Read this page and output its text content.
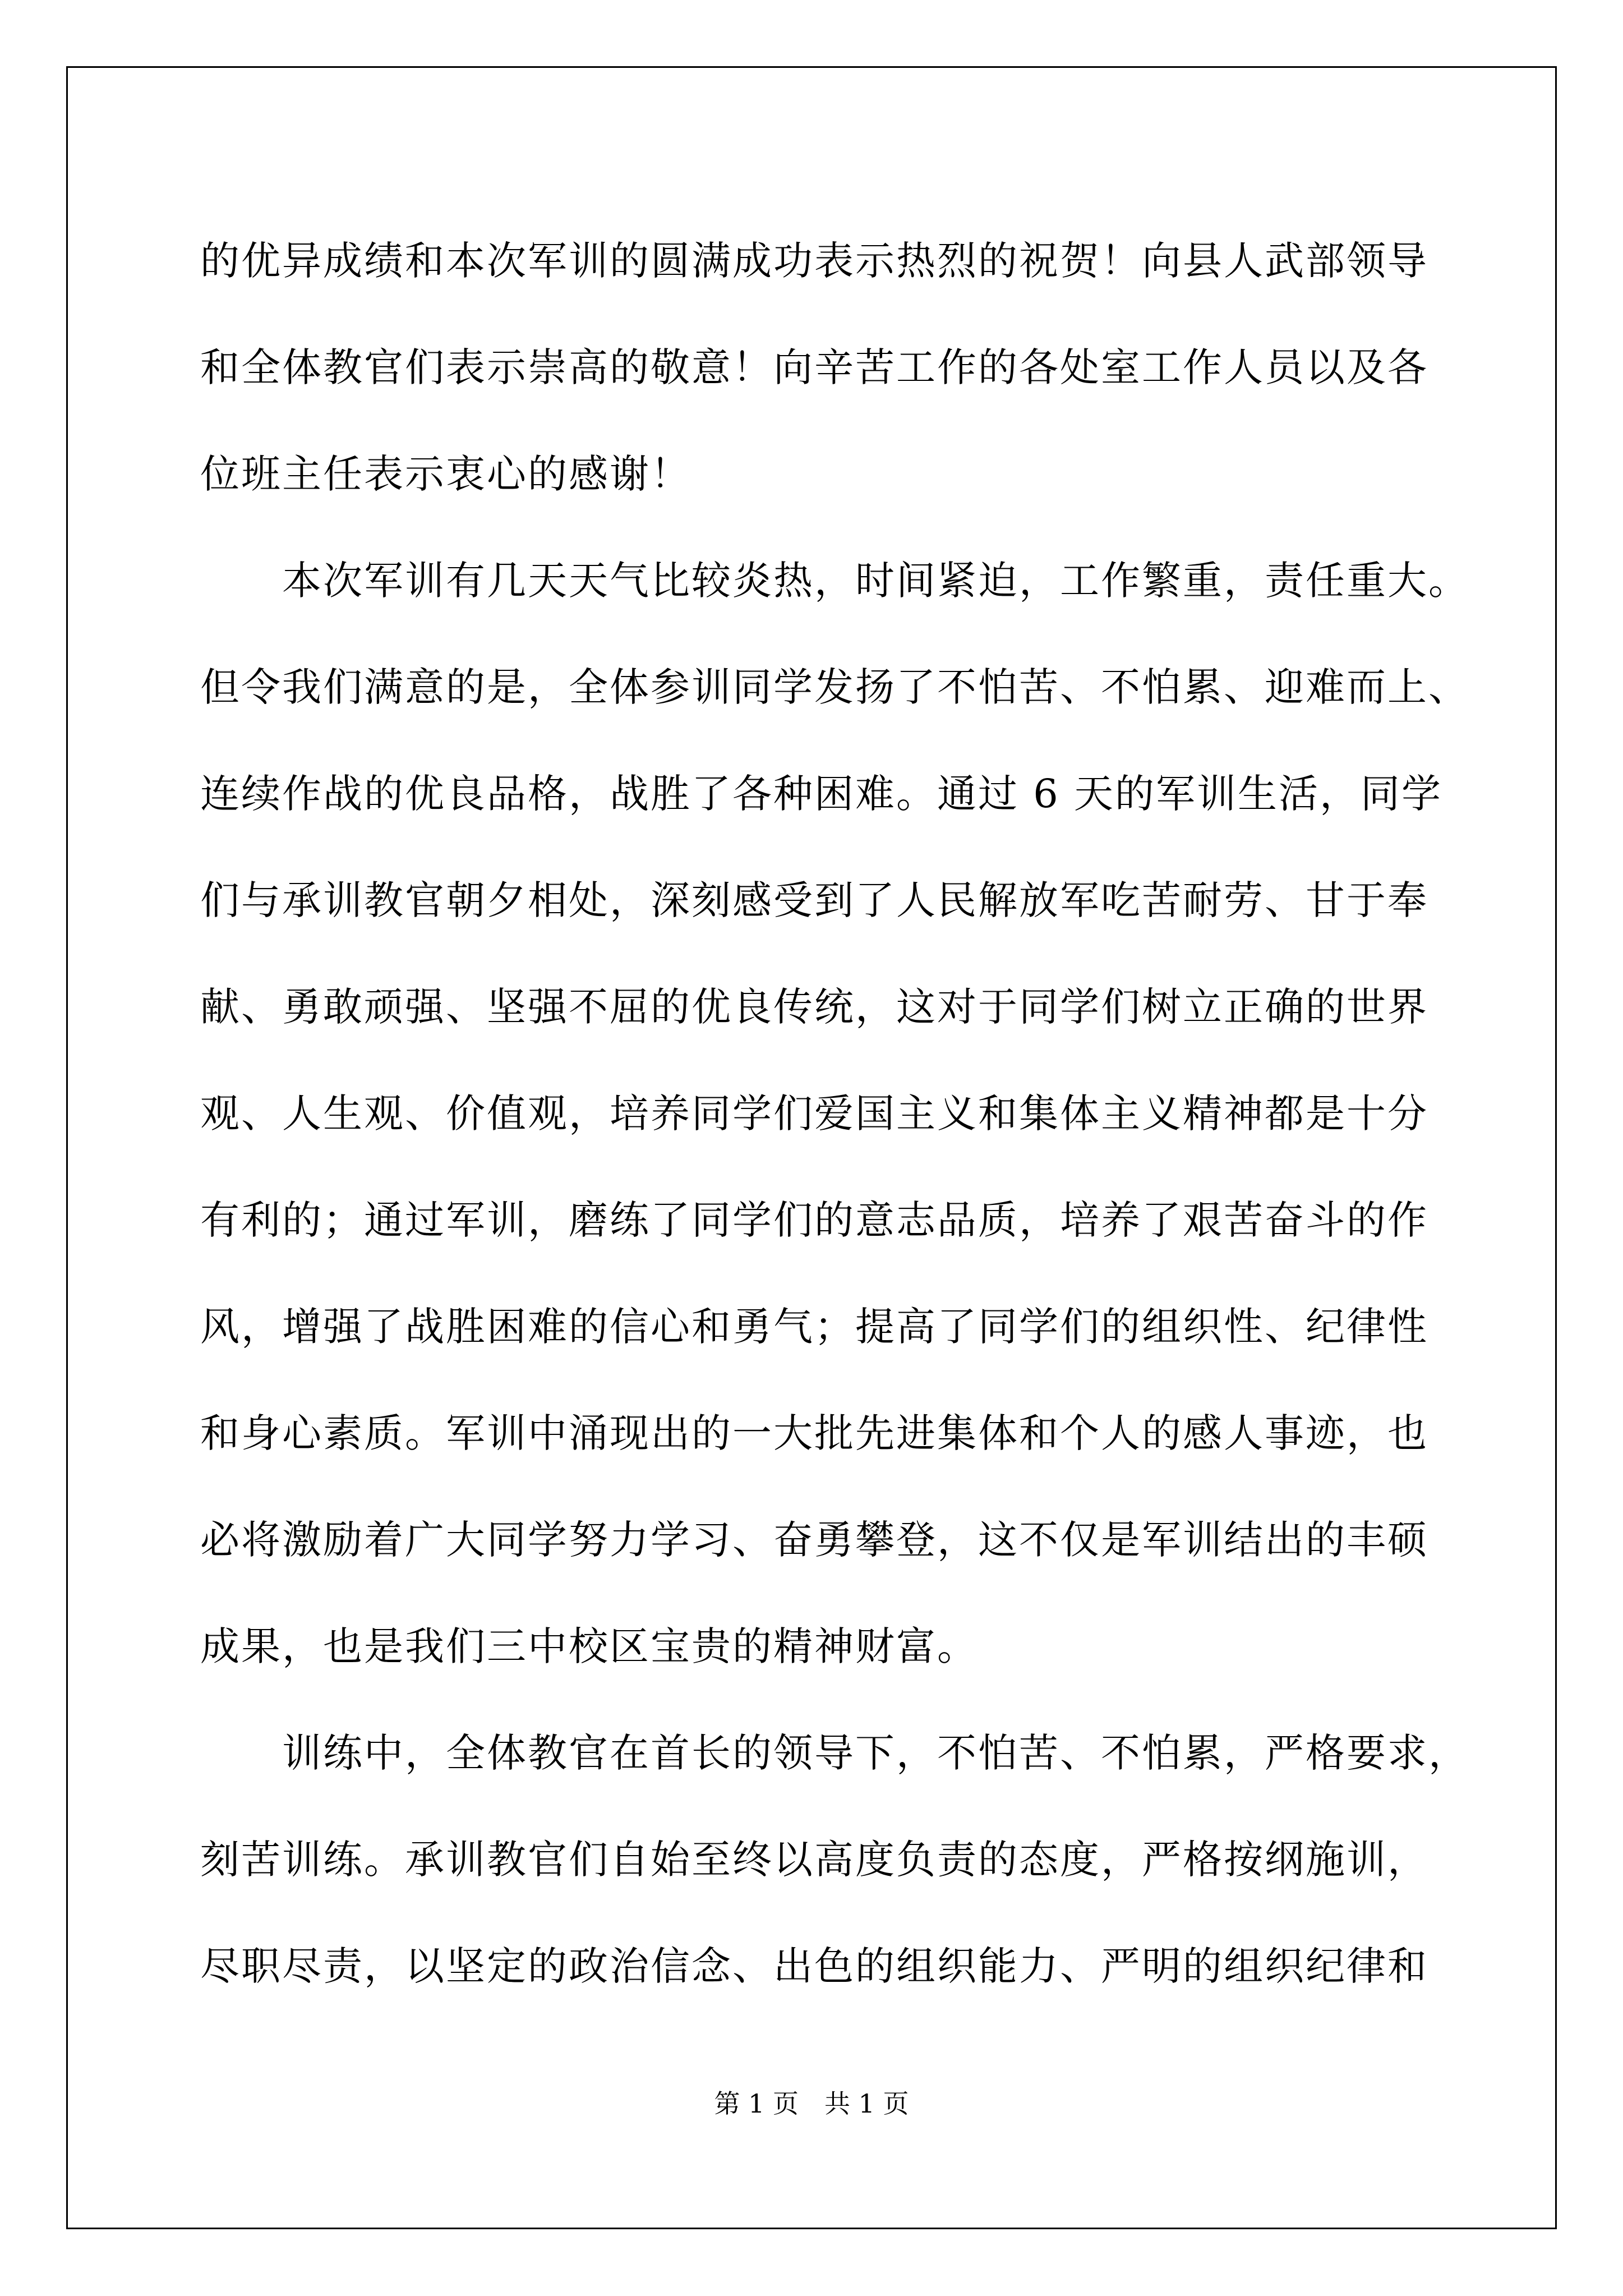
的优异成绩和本次军训的圆满成功表示热烈的祝贺！向县人武部领导
和全体教官们表示崇高的敬意！向辛苦工作的各处室工作人员以及各
位班主任表示衷心的感谢！

本次军训有几天天气比较炎热，时间紧迫，工作繁重，责任重大。
但令我们满意的是，全体参训同学发扬了不怕苦、不怕累、迎难而上、
连续作战的优良品格，战胜了各种困难。通过 6 天的军训生活，同学
们与承训教官朝夕相处，深刻感受到了人民解放军吃苦耐劳、甘于奉
献、勇敢顽强、坚强不屈的优良传统，这对于同学们树立正确的世界
观、人生观、价值观，培养同学们爱国主义和集体主义精神都是十分
有利的；通过军训，磨练了同学们的意志品质，培养了艰苦奋斗的作
风，增强了战胜困难的信心和勇气；提高了同学们的组织性、纪律性
和身心素质。军训中涌现出的一大批先进集体和个人的感人事迹，也
必将激励着广大同学努力学习、奋勇攀登，这不仅是军训结出的丰硕
成果，也是我们三中校区宝贵的精神财富。

训练中，全体教官在首长的领导下，不怕苦、不怕累，严格要求，
刻苦训练。承训教官们自始至终以高度负责的态度，严格按纲施训，
尽职尽责，以坚定的政治信念、出色的组织能力、严明的组织纪律和

第 1 页　共 1 页
